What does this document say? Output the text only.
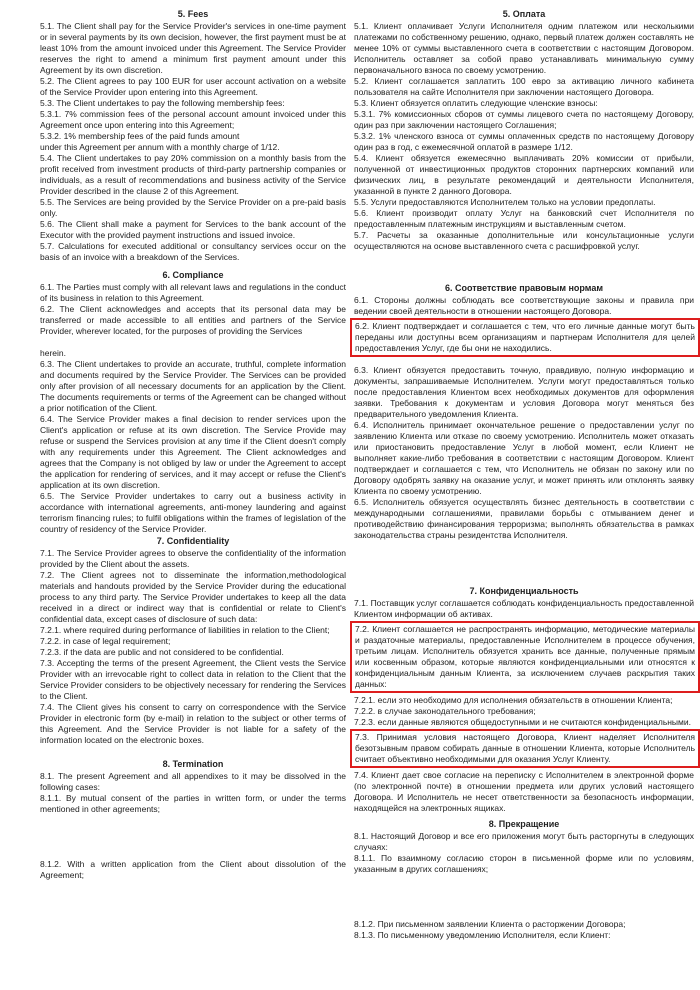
5. Fees

5.1. The Client shall pay for the Service Provider's services in one-time payment or in several payments by its own decision, however, the first payment must be at least 10% from the amount invoiced under this Agreement. The Service Provider reserves the right to amend a minimum first payment amount under this Agreement by its own discretion.

5.2. The Client agrees to pay 100 EUR for user account activation on a website of the Service Provider upon entering into this Agreement.

5.3. The Client undertakes to pay the following membership fees:

5.3.1. 7% commission fees of the personal account amount invoiced under this Agreement once upon entering into this Agreement;

5.3.2. 1% membership fees of the paid funds amount

under this Agreement per annum with a monthly charge of 1/12.

5.4. The Client undertakes to pay 20% commission on a monthly basis from the profit received from investment products of third-party partnership companies or individuals, as a result of recommendations and business activity of the Service Provider described in the clause 2 of this Agreement.

5.5. The Services are being provided by the Service Provider on a pre-paid basis only.

5.6. The Client shall make a payment for Services to the bank account of the Executor with the provided payment instructions and issued invoice.

5.7. Calculations for executed additional or consultancy services occur on the basis of an invoice with a breakdown of the Services.

6. Compliance

6.1. The Parties must comply with all relevant laws and regulations in the conduct of its business in relation to this Agreement.

6.2. The Client acknowledges and accepts that its personal data may be transferred or made accessible to all entities and partners of the Service Provider, wherever located, for the purposes of providing the Services

herein.

6.3. The Client undertakes to provide an accurate, truthful, complete information and documents required by the Service Provider. The Services can be provided only after provision of all necessary documents for an application by the Client. The documents requirements or terms of the Agreement can be changed without a prior notification of the Client.

6.4. The Service Provider makes a final decision to render services upon the Client's application or refuse at its own discretion. The Service Provide may refuse or suspend the Services provision at any time if the Client doesn't comply with any requirements under this Agreement. The Client acknowledges and agrees that the Company is not obliged by law or under the Agreement to accept the application for rendering of services, and it may accept or refuse the Client's application at its own discretion.

6.5. The Service Provider undertakes to carry out a business activity in accordance with international agreements, anti-money laundering and against terrorism financing rules; to fulfil obligations within the frames of legislation of the country of residency of the Service Provider.

7. Confidentiality

7.1. The Service Provider agrees to observe the confidentiality of the information provided by the Client about the assets.

7.2. The Client agrees not to disseminate the information,methodological materials and handouts provided by the Service Provider during the educational process to any third party. The Service Provider undertakes to keep all the data received in a direct or indirect way that is confidential or relate to Client's confidential data, except cases of disclosure of such data:

7.2.1. where required during performance of liabilities in relation to the Client;

7.2.2. in case of legal requirement;

7.2.3. if the data are public and not considered to be confidential.

7.3. Accepting the terms of the present Agreement, the Client vests the Service Provider with an irrevocable right to collect data in relation to the Client that the Service Provider considers to be objectively necessary for rendering the Services to the Client.

7.4. The Client gives his consent to carry on correspondence with the Service Provider in electronic form (by e-mail) in relation to the subject or other terms of this Agreement. And the Service Provider is not liable for a safety of the information located on the electronic boxes.

8. Termination

8.1. The present Agreement and all appendixes to it may be dissolved in the following cases:

8.1.1. By mutual consent of the parties in written form, or under the terms mentioned in other agreements;

8.1.2. With a written application from the Client about dissolution of the Agreement;

5. Оплата

5.1. Клиент оплачивает Услуги Исполнителя одним платежом или несколькими платежами по собственному решению, однако, первый платеж должен составлять не менее 10% от суммы выставленного счета в соответствии с настоящим Договором. Исполнитель оставляет за собой право устанавливать минимальную сумму первоначального взноса по своему усмотрению.

5.2. Клиент соглашается заплатить 100 евро за активацию личного кабинета пользователя на сайте Исполнителя при заключении настоящего Договора.

5.3. Клиент обязуется оплатить следующие членские взносы:

5.3.1. 7% комиссионных сборов от суммы лицевого счета по настоящему Договору, один раз при заключении настоящего Соглашения;

5.3.2. 1% членского взноса от суммы оплаченных средств по настоящему Договору один раз в год, с ежемесячной оплатой в размере 1/12.

5.4. Клиент обязуется ежемесячно выплачивать 20% комиссии от прибыли, полученной от инвестиционных продуктов сторонних партнерских компаний или физических лиц, в результате рекомендаций и деятельности Исполнителя, указанной в пункте 2 данного Договора.

5.5. Услуги предоставляются Исполнителем только на условии предоплаты.

5.6. Клиент производит оплату Услуг на банковский счет Исполнителя по предоставленным платежным инструкциям и выставленным счетом.

5.7. Расчеты за оказанные дополнительные или консультационные услуги осуществляются на основе выставленного счета с расшифровкой услуг.

6. Соответствие правовым нормам

6.1. Стороны должны соблюдать все соответствующие законы и правила при ведении своей деятельности в отношении настоящего Договора.

6.2. Клиент подтверждает и соглашается с тем, что его личные данные могут быть переданы или доступны всем организациям и партнерам Исполнителя для целей предоставления Услуг, где бы они не находились.

6.3. Клиент обязуется предоставить точную, правдивую, полную информацию и документы, запрашиваемые Исполнителем. Услуги могут предоставляться только после предоставления Клиентом всех необходимых документов для оформления заявки. Требования к документам и условия Договора могут меняться без предварительного уведомления Клиента.

6.4. Исполнитель принимает окончательное решение о предоставлении услуг по заявлению Клиента или отказе по своему усмотрению. Исполнитель может отказать или приостановить предоставление Услуг в любой момент, если Клиент не выполняет какие-либо требования в соответствии с настоящим Договором. Клиент подтверждает и соглашается с тем, что Исполнитель не обязан по закону или по Договору одобрять заявку на оказание услуг, и может принять или отклонять заявку Клиента по своему усмотрению.

6.5. Исполнитель обязуется осуществлять бизнес деятельность в соответствии с международными соглашениями, правилами борьбы с отмыванием денег и противодействию финансирования терроризма; выполнять обязательства в рамках законодательства страны резидентства Исполнителя.

7. Конфиденциальность

7.1. Поставщик услуг соглашается соблюдать конфиденциальность предоставленной Клиентом информации об активах.

7.2. Клиент соглашается не распространять информацию, методические материалы и раздаточные материалы, предоставленные Исполнителем в процессе обучения, третьим лицам. Исполнитель обязуется хранить все данные, полученные прямым или косвенным образом, которые являются конфиденциальными или относятся к конфиденциальным данным Клиента, за исключением случаев раскрытия таких данных:

7.2.1. если это необходимо для исполнения обязательств в отношении Клиента;

7.2.2. в случае законодательного требования;

7.2.3. если данные являются общедоступными и не считаются конфиденциальными.

7.3. Принимая условия настоящего Договора, Клиент наделяет Исполнителя безотзывным правом собирать данные в отношении Клиента, которые Исполнитель считает объективно необходимыми для оказания Услуг Клиенту.

7.4. Клиент дает свое согласие на переписку с Исполнителем в электронной форме (по электронной почте) в отношении предмета или других условий настоящего Договора. И Исполнитель не несет ответственности за безопасность информации, находящейся на электронных ящиках.

8. Прекращение

8.1. Настоящий Договор и все его приложения могут быть расторгнуты в следующих случаях:

8.1.1. По взаимному согласию сторон в письменной форме или по условиям, указанным в других соглашениях;

8.1.2. При письменном заявлении Клиента о расторжении Договора;

8.1.3. По письменному уведомлению Исполнителя, если Клиент:
